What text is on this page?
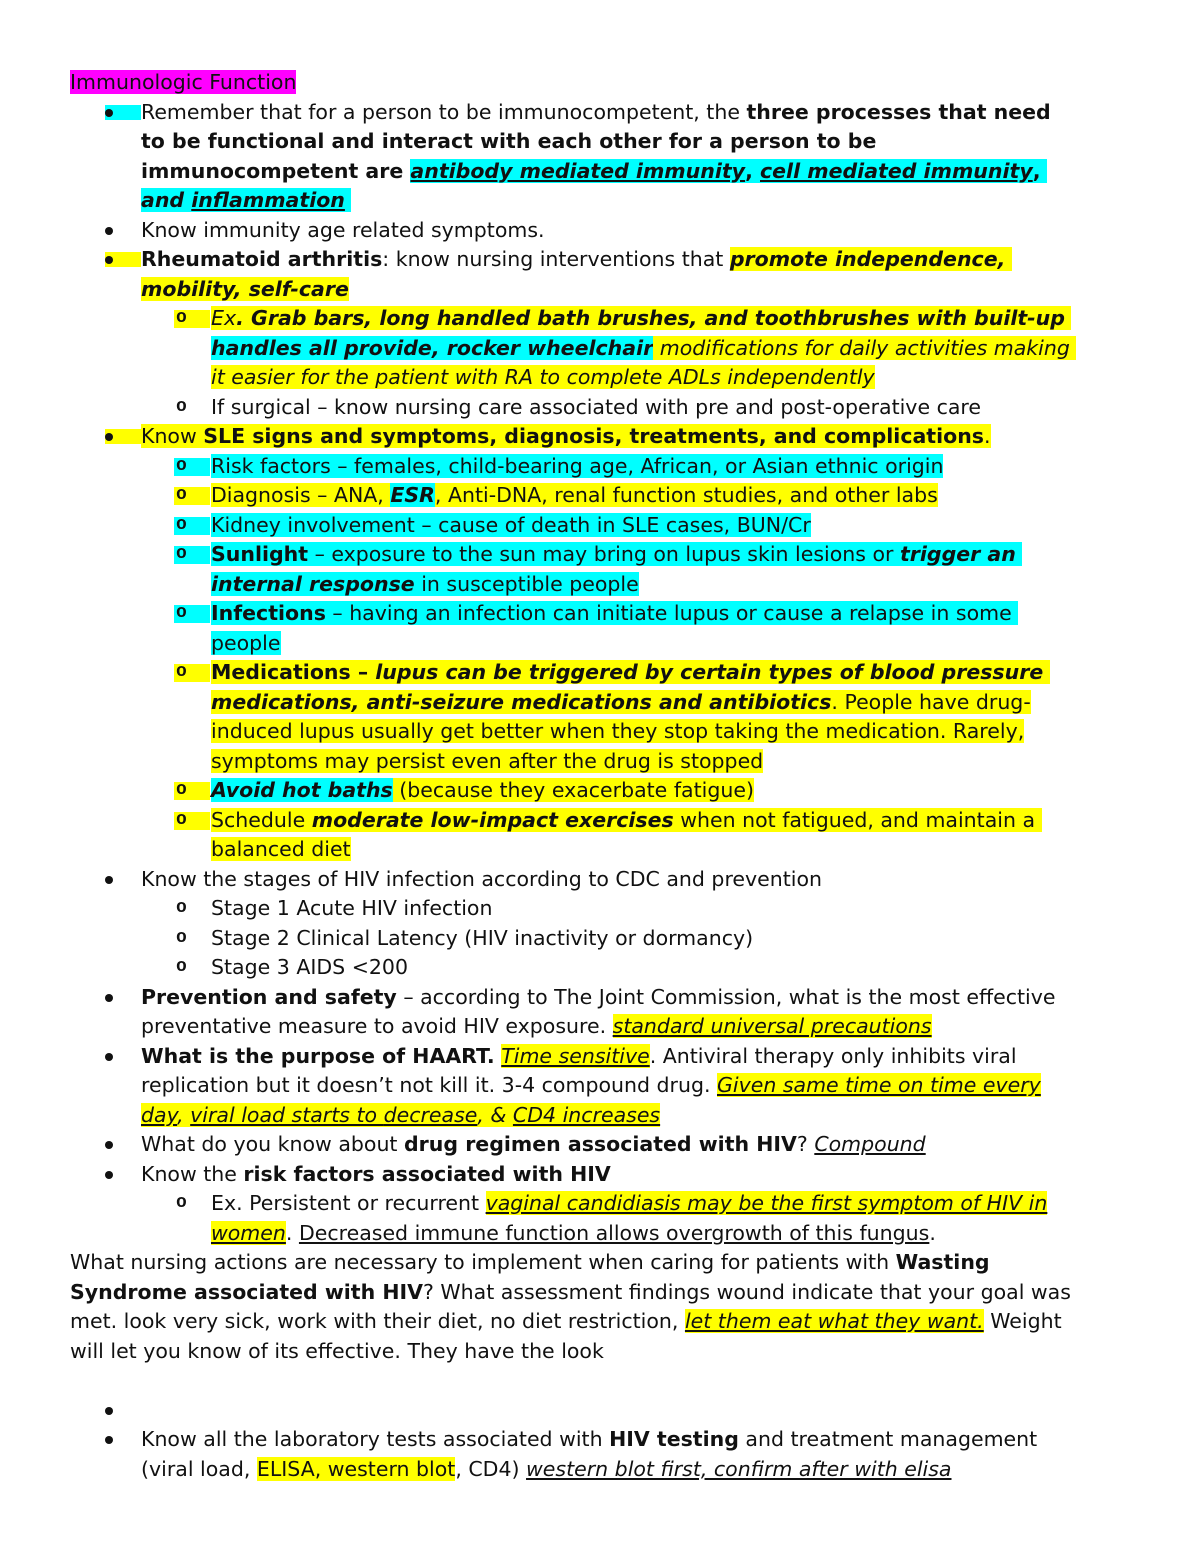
Immunologic Function
Remember that for a person to be immunocompetent, the three processes that need
to be functional and interact with each other for a person to be
immunocompetent are antibody mediated immunity, cell mediated immunity,
and inflammation
Know immunity age related symptoms.
Rheumatoid arthritis: know nursing interventions that promote independence,
mobility, self-care
o
Ex. Grab bars, long handled bath brushes, and toothbrushes with built-up
handles all provide, rocker wheelchair modifications for daily activities making
it easier for the patient with RA to complete ADLs independently
o
If surgical – know nursing care associated with pre and post-operative care
Know SLE signs and symptoms, diagnosis, treatments, and complications.
o
Risk factors – females, child-bearing age, African, or Asian ethnic origin
o
Diagnosis – ANA, ESR, Anti-DNA, renal function studies, and other labs
o
Kidney involvement – cause of death in SLE cases, BUN/Cr
o
Sunlight – exposure to the sun may bring on lupus skin lesions or trigger an
internal response in susceptible people
o
Infections – having an infection can initiate lupus or cause a relapse in some
people
o
Medications – lupus can be triggered by certain types of blood pressure
medications, anti-seizure medications and antibiotics. People have drug-
induced lupus usually get better when they stop taking the medication. Rarely,
symptoms may persist even after the drug is stopped
o
Avoid hot baths (because they exacerbate fatigue)
o
Schedule moderate low-impact exercises when not fatigued, and maintain a
balanced diet
Know the stages of HIV infection according to CDC and prevention
o
Stage 1 Acute HIV infection
o
Stage 2 Clinical Latency (HIV inactivity or dormancy)
o
Stage 3 AIDS <200
Prevention and safety – according to The Joint Commission, what is the most effective
preventative measure to avoid HIV exposure. standard universal precautions
What is the purpose of HAART. Time sensitive. Antiviral therapy only inhibits viral
replication but it doesn’t not kill it. 3-4 compound drug. Given same time on time every
day, viral load starts to decrease, & CD4 increases
What do you know about drug regimen associated with HIV? Compound
Know the risk factors associated with HIV
o
Ex. Persistent or recurrent vaginal candidiasis may be the first symptom of HIV in
women. Decreased immune function allows overgrowth of this fungus.
What nursing actions are necessary to implement when caring for patients with Wasting
Syndrome associated with HIV? What assessment findings wound indicate that your goal was
met. look very sick, work with their diet, no diet restriction, let them eat what they want. Weight
will let you know of its effective. They have the look
Know all the laboratory tests associated with HIV testing and treatment management
(viral load, ELISA, western blot, CD4) western blot first, confirm after with elisa
